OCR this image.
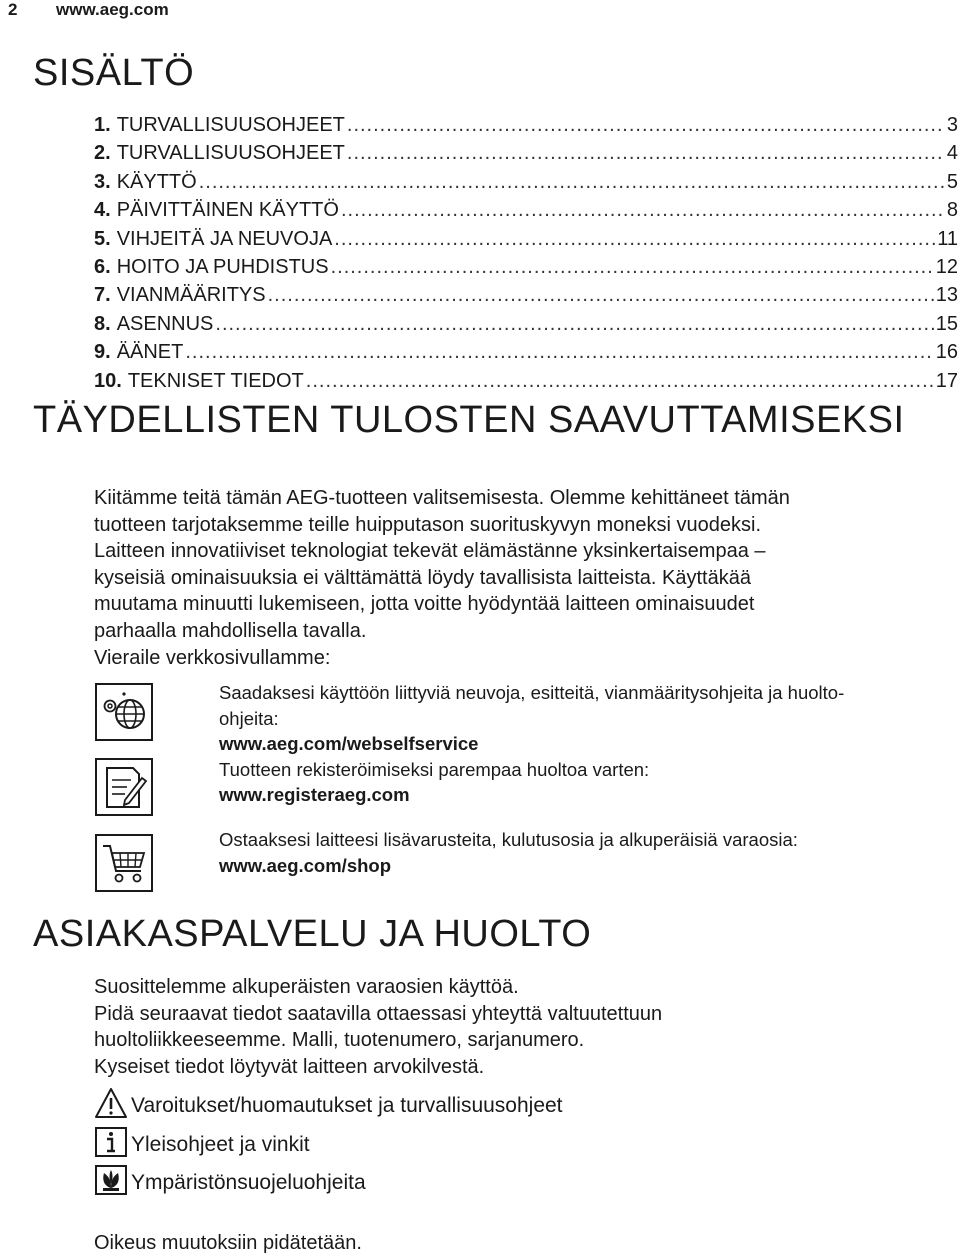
2 www.aeg.com
SISÄLTÖ
1. TURVALLISUUSOHJEET .....	3
2. TURVALLISUUSOHJEET .....	4
3. KÄYTTÖ .....	5
4. PÄIVITTÄINEN KÄYTTÖ .....	8
5. VIHJEITÄ JA NEUVOJA .....	11
6. HOITO JA PUHDISTUS .....	12
7. VIANMÄÄRITYS .....	13
8. ASENNUS .....	15
9. ÄÄNET .....	16
10. TEKNISET TIEDOT .....	17
TÄYDELLISTEN TULOSTEN SAAVUTTAMISEKSI

Kiitämme teitä tämän AEG-tuotteen valitsemisesta. Olemme kehittäneet tämän

tuotteen tarjotaksemme teille huipputason suorituskyvyn moneksi vuodeksi.

Laitteen innovatiiviset teknologiat tekevät elämästänne yksinkertaisempaa –

kyseisiä ominaisuuksia ei välttämättä löydy tavallisista laitteista. Käyttäkää

muutama minuutti lukemiseen, jotta voitte hyödyntää laitteen ominaisuudet

parhaalla mahdollisella tavalla.

Vieraile verkkosivullamme:

Saadaksesi käyttöön liittyviä neuvoja, esitteitä, vianmääritysohjeita ja huolto-
ohjeita:
www.aeg.com/webselfservice
Tuotteen rekisteröimiseksi parempaa huoltoa varten:
www.registeraeg.com
Ostaaksesi laitteesi lisävarusteita, kulutusosia ja alkuperäisiä varaosia:
www.aeg.com/shop
ASIAKASPALVELU JA HUOLTO

Suosittelemme alkuperäisten varaosien käyttöä.

Pidä seuraavat tiedot saatavilla ottaessasi yhteyttä valtuutettuun

huoltoliikkeeseemme. Malli, tuotenumero, sarjanumero.

Kyseiset tiedot löytyvät laitteen arvokilvestä.

Varoitukset/huomautukset ja turvallisuusohjeet
Yleisohjeet ja vinkit
Ympäristönsuojeluohjeita
Oikeus muutoksiin pidätetään.
